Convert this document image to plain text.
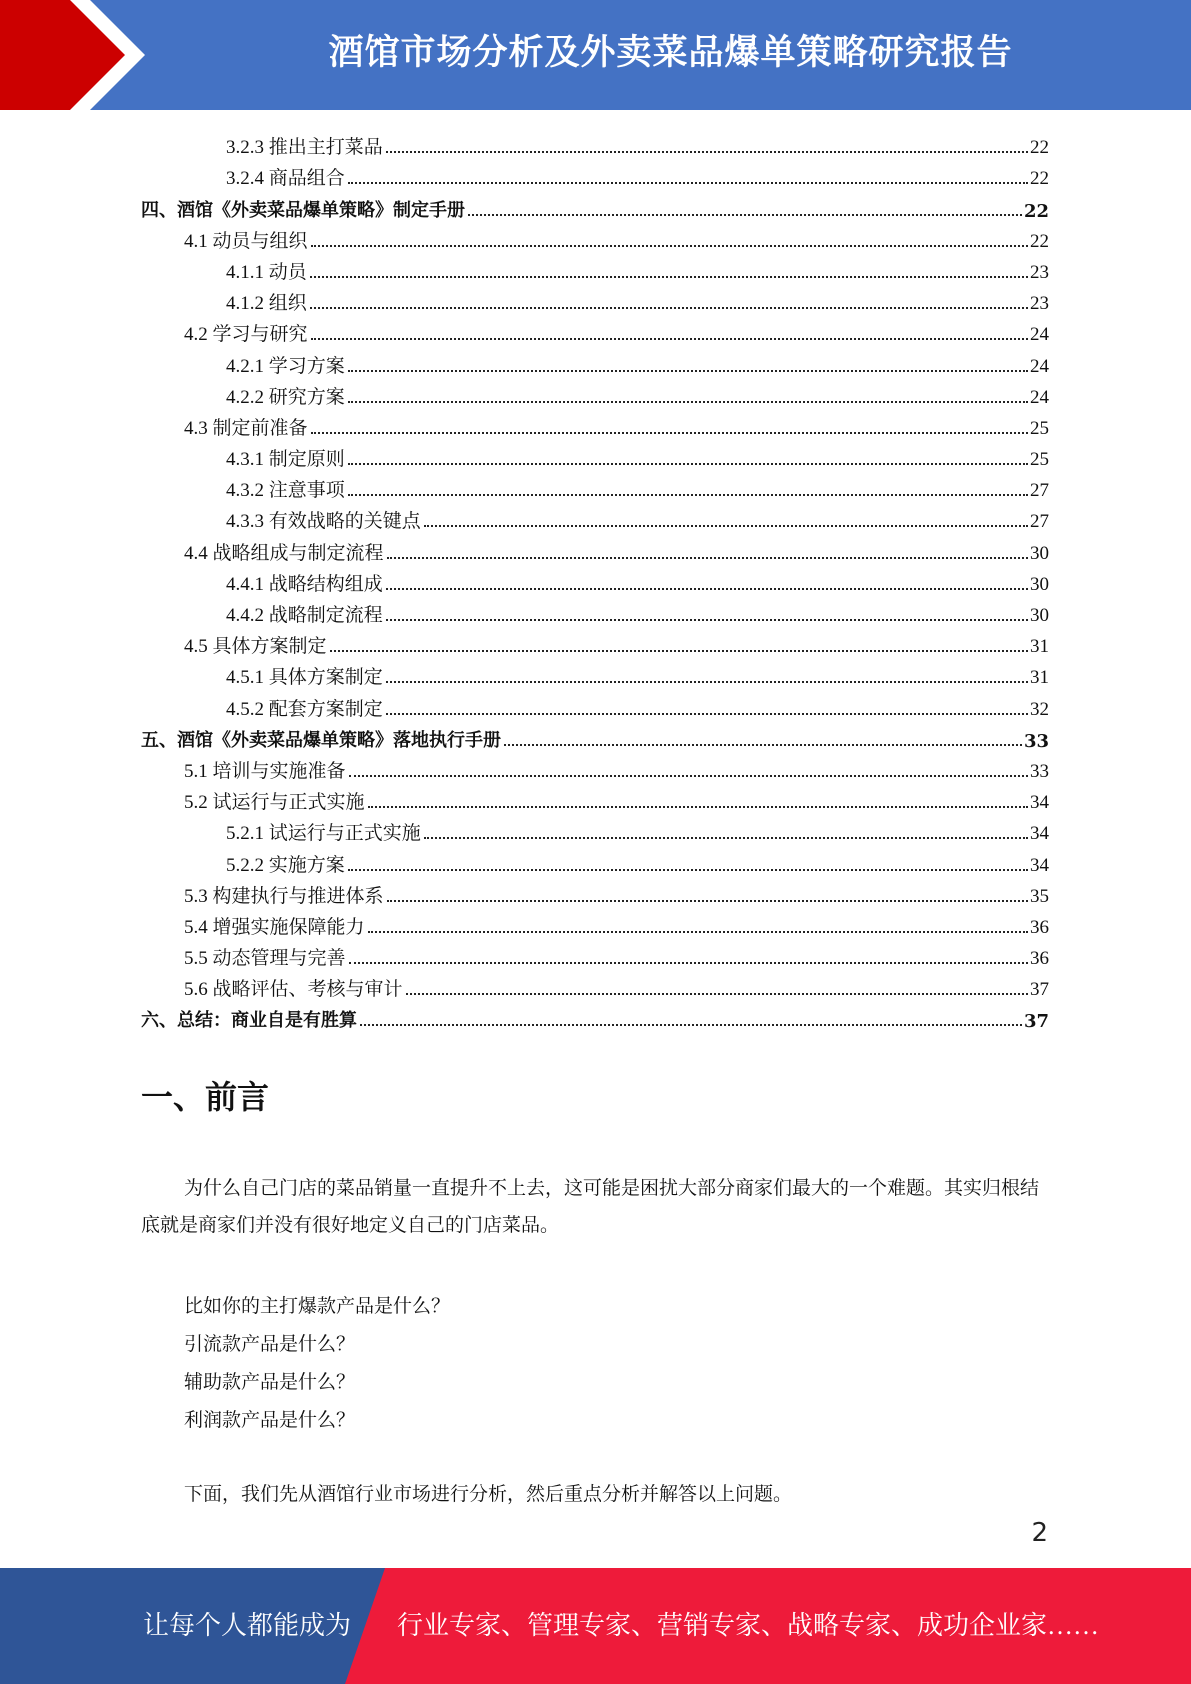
酒馆市场分析及外卖菜品爆单策略研究报告
3.2.3 推出主打菜品	22
3.2.4 商品组合	22
四、酒馆《外卖菜品爆单策略》制定手册	22
4.1 动员与组织	22
4.1.1 动员	23
4.1.2 组织	23
4.2 学习与研究	24
4.2.1 学习方案	24
4.2.2 研究方案	24
4.3 制定前准备	25
4.3.1 制定原则	25
4.3.2 注意事项	27
4.3.3 有效战略的关键点	27
4.4 战略组成与制定流程	30
4.4.1 战略结构组成	30
4.4.2 战略制定流程	30
4.5 具体方案制定	31
4.5.1 具体方案制定	31
4.5.2 配套方案制定	32
五、酒馆《外卖菜品爆单策略》落地执行手册	33
5.1 培训与实施准备	33
5.2 试运行与正式实施	34
5.2.1 试运行与正式实施	34
5.2.2 实施方案	34
5.3 构建执行与推进体系	35
5.4 增强实施保障能力	36
5.5 动态管理与完善	36
5.6 战略评估、考核与审计	37
六、总结：商业自是有胜算	37
一、前言

为什么自己门店的菜品销量一直提升不上去，这可能是困扰大部分商家们最大的一个难题。其实归根结底就是商家们并没有很好地定义自己的门店菜品。

比如你的主打爆款产品是什么？
引流款产品是什么？
辅助款产品是什么？
利润款产品是什么？

下面，我们先从酒馆行业市场进行分析，然后重点分析并解答以上问题。

2
让每个人都能成为 行业专家、管理专家、营销专家、战略专家、成功企业家……
